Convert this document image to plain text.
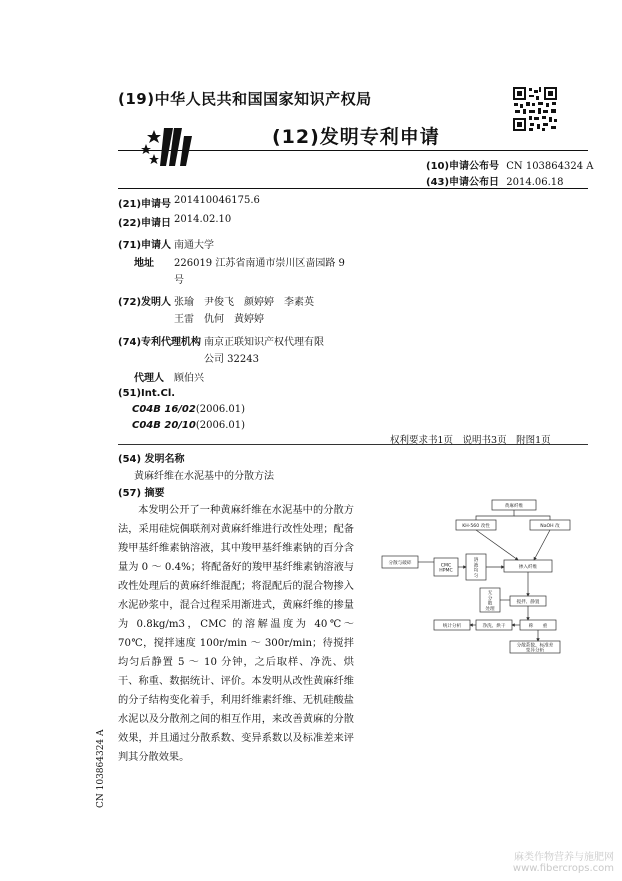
(19)中华人民共和国国家知识产权局
(12)发明专利申请
(10)申请公布号 CN 103864324 A
(43)申请公布日 2014.06.18
(21)申请号 201410046175.6
(22)申请日 2014.02.10
(71)申请人 南通大学
地址 226019 江苏省南通市崇川区啬园路 9
号
(72)发明人 张瑜　尹俊飞　颜婷婷　李素英
王雷　仇何　黄婷婷
(74)专利代理机构 南京正联知识产权代理有限
公司 32243
代理人 顾伯兴
(51)Int.Cl.
C04B 16/02(2006.01)
C04B 20/10(2006.01)
权利要求书1页　说明书3页　附图1页
(54) 发明名称
黄麻纤维在水泥基中的分散方法
(57) 摘要
本发明公开了一种黄麻纤维在水泥基中的分散方法，采用硅烷偶联剂对黄麻纤维进行改性处理；配备羧甲基纤维素钠溶液，其中羧甲基纤维素钠的百分含量为 0 ～ 0.4%；将配备好的羧甲基纤维素钠溶液与改性处理后的黄麻纤维混配；将混配后的混合物掺入水泥砂浆中，混合过程采用渐进式，黄麻纤维的掺量为 0.8kg/m3，CMC 的溶解温度为 40℃～ 70℃，搅拌速度 100r/min ～ 300r/min；待搅拌均匀后静置 5 ～ 10 分钟，之后取样、净洗、烘干、称重、数据统计、评价。本发明从改性黄麻纤维的分子结构变化着手，利用纤维素纤维、无机硅酸盐水泥以及分散剂之间的相互作用，来改善黄麻的分散效果，并且通过分散系数、变异系数以及标准差来评判其分散效果。
黄麻纤维
KH-560 改性	NaOH 改
CMC HPMC
溶液均匀
掺入纤维
分散与破碎
无分散处理
搅拌、静置
统计分析	净洗、烘干	称　　重
分散系数、标准差变异分析
CN 103864324 A
麻类作物营养与施肥网
www.fibercrops.com
